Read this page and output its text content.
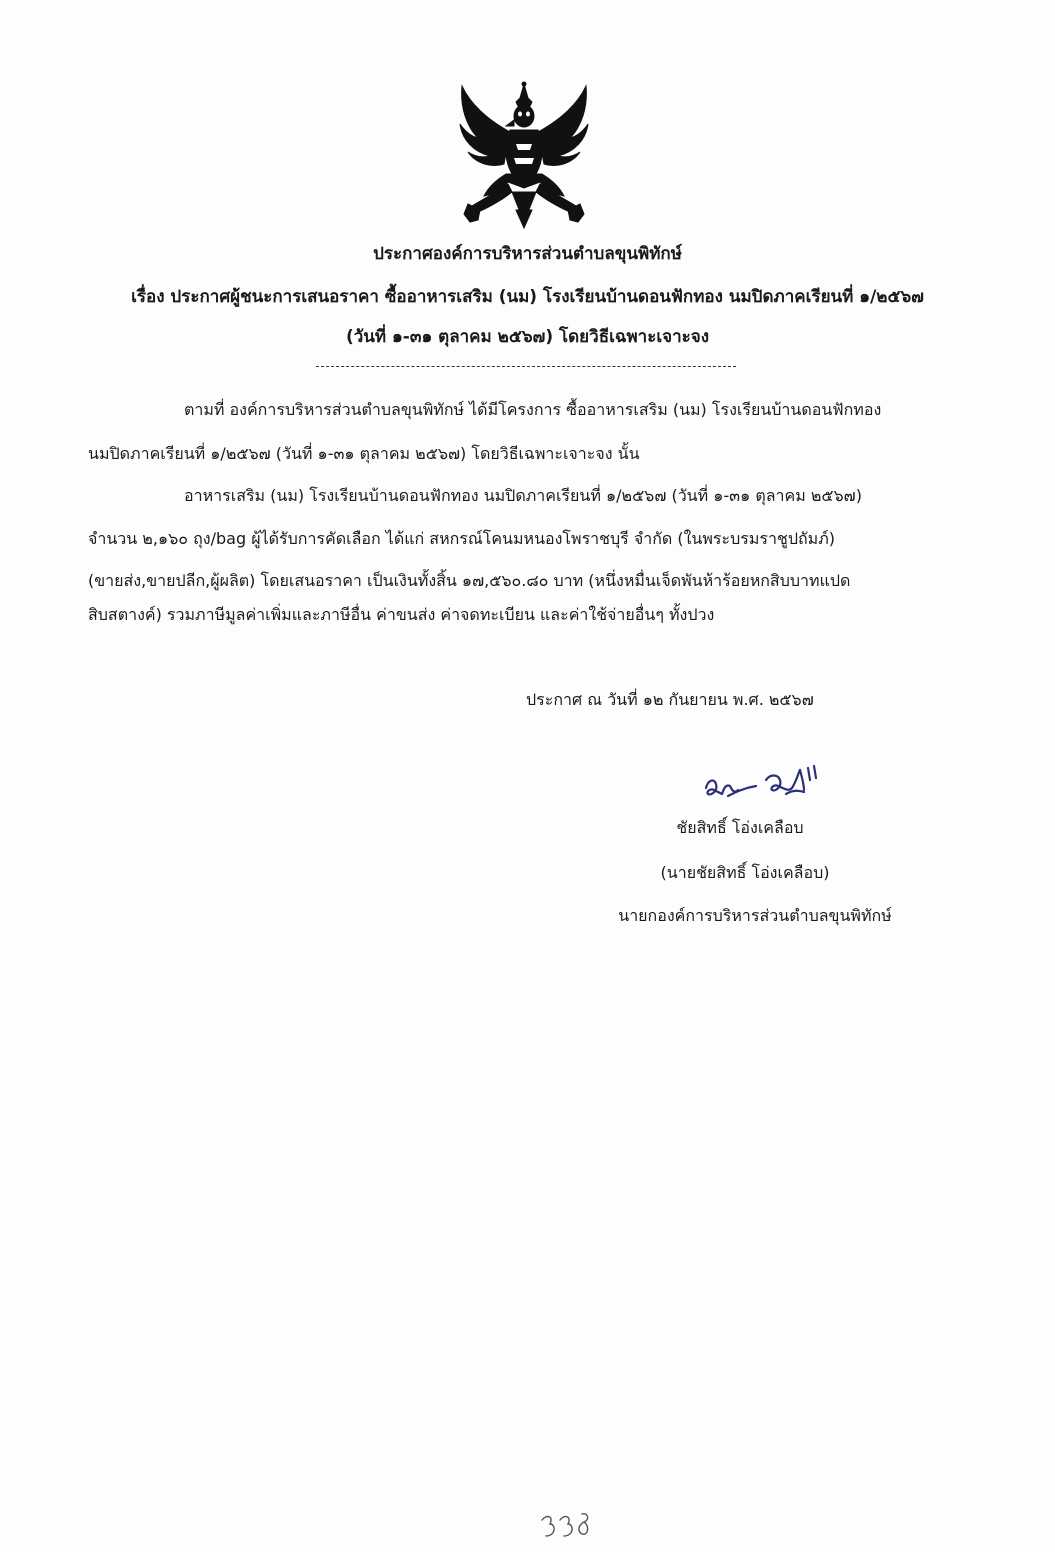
ประกาศองค์การบริหารส่วนตำบลขุนพิทักษ์
เรื่อง ประกาศผู้ชนะการเสนอราคา ซื้ออาหารเสริม (นม) โรงเรียนบ้านดอนฟักทอง นมปิดภาคเรียนที่ ๑/๒๕๖๗
(วันที่ ๑-๓๑ ตุลาคม ๒๕๖๗) โดยวิธีเฉพาะเจาะจง
ตามที่ องค์การบริหารส่วนตำบลขุนพิทักษ์ ได้มีโครงการ ซื้ออาหารเสริม (นม) โรงเรียนบ้านดอนฟักทอง
นมปิดภาคเรียนที่ ๑/๒๕๖๗ (วันที่ ๑-๓๑ ตุลาคม ๒๕๖๗) โดยวิธีเฉพาะเจาะจง นั้น
อาหารเสริม (นม) โรงเรียนบ้านดอนฟักทอง นมปิดภาคเรียนที่ ๑/๒๕๖๗ (วันที่ ๑-๓๑ ตุลาคม ๒๕๖๗)
จำนวน ๒,๑๖๐ ถุง/bag ผู้ได้รับการคัดเลือก ได้แก่ สหกรณ์โคนมหนองโพราชบุรี จำกัด (ในพระบรมราชูปถัมภ์)
(ขายส่ง,ขายปลีก,ผู้ผลิต) โดยเสนอราคา เป็นเงินทั้งสิ้น ๑๗,๕๖๐.๘๐ บาท (หนึ่งหมื่นเจ็ดพันห้าร้อยหกสิบบาทแปด
สิบสตางค์) รวมภาษีมูลค่าเพิ่มและภาษีอื่น ค่าขนส่ง ค่าจดทะเบียน และค่าใช้จ่ายอื่นๆ ทั้งปวง
ประกาศ ณ วันที่ ๑๒ กันยายน พ.ศ. ๒๕๖๗
ชัยสิทธิ์ โอ่งเคลือบ
(นายชัยสิทธิ์ โอ่งเคลือบ)
นายกองค์การบริหารส่วนตำบลขุนพิทักษ์
